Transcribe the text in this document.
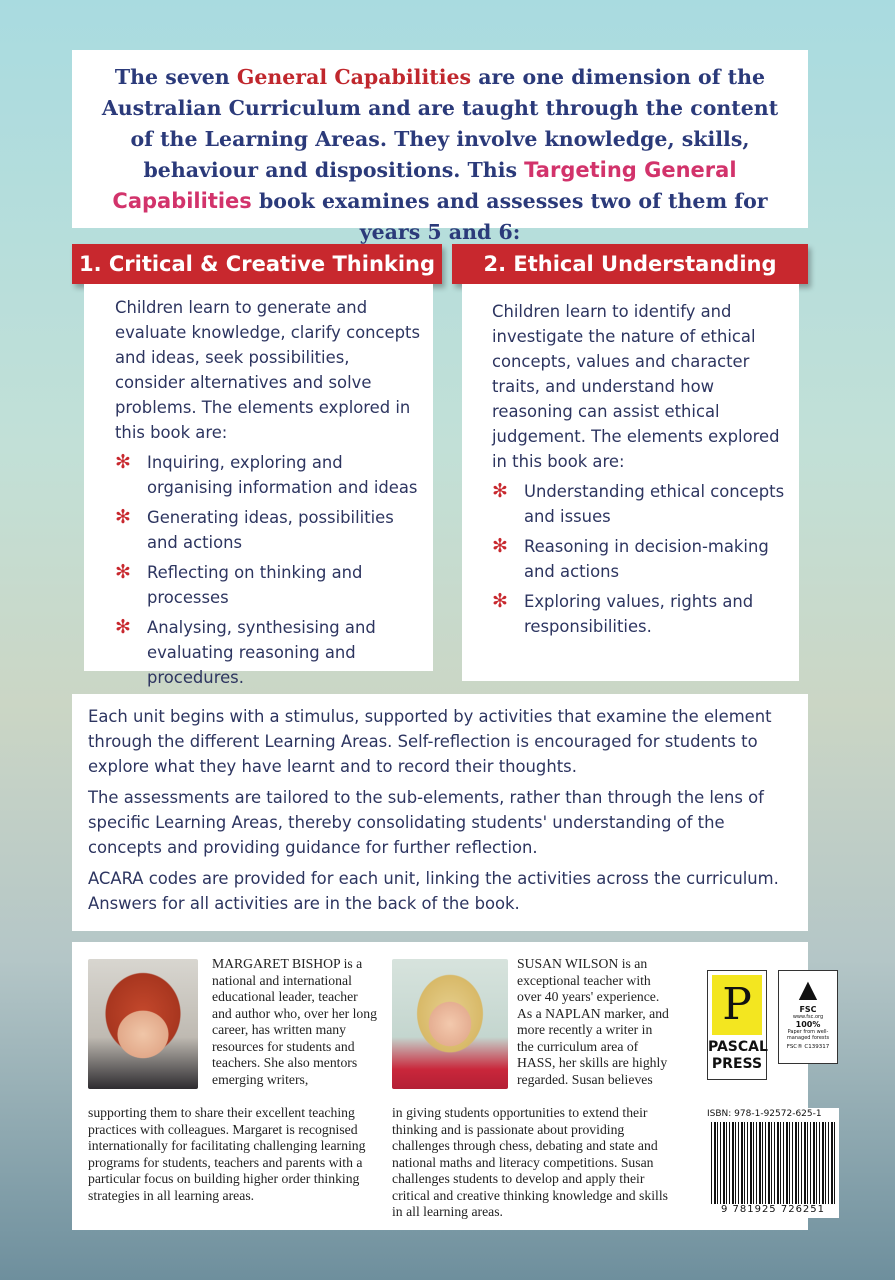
The seven General Capabilities are one dimension of the Australian Curriculum and are taught through the content of the Learning Areas. They involve knowledge, skills, behaviour and dispositions. This Targeting General Capabilities book examines and assesses two of them for years 5 and 6:
1. Critical & Creative Thinking	2. Ethical Understanding

Children learn to generate and evaluate knowledge, clarify concepts and ideas, seek possibilities, consider alternatives and solve problems. The elements explored in this book are:

✻ Inquiring, exploring and organising information and ideas
✻ Generating ideas, possibilities and actions
✻ Reflecting on thinking and processes
✻ Analysing, synthesising and evaluating reasoning and procedures.

Children learn to identify and investigate the nature of ethical concepts, values and character traits, and understand how reasoning can assist ethical judgement. The elements explored in this book are:

✻ Understanding ethical concepts and issues
✻ Reasoning in decision-making and actions
✻ Exploring values, rights and responsibilities.

Each unit begins with a stimulus, supported by activities that examine the element through the different Learning Areas. Self-reflection is encouraged for students to explore what they have learnt and to record their thoughts.

The assessments are tailored to the sub-elements, rather than through the lens of specific Learning Areas, thereby consolidating students' understanding of the concepts and providing guidance for further reflection.

ACARA codes are provided for each unit, linking the activities across the curriculum. Answers for all activities are in the back of the book.

MARGARET BISHOP is a national and international educational leader, teacher and author who, over her long career, has written many resources for students and teachers. She also mentors emerging writers,
supporting them to share their excellent teaching practices with colleagues. Margaret is recognised internationally for facilitating challenging learning programs for students, teachers and parents with a particular focus on building higher order thinking strategies in all learning areas.
SUSAN WILSON is an exceptional teacher with over 40 years' experience. As a NAPLAN marker, and more recently a writer in the curriculum area of HASS, her skills are highly regarded. Susan believes
in giving students opportunities to extend their thinking and is passionate about providing challenges through chess, debating and state and national maths and literacy competitions. Susan challenges students to develop and apply their critical and creative thinking knowledge and skills in all learning areas.
P
PASCAL
PRESS
▲
FSC
www.fsc.org
100%
Paper from well-managed forests
FSC® C139317
ISBN: 978-1-92572-625-1
9 781925 726251
